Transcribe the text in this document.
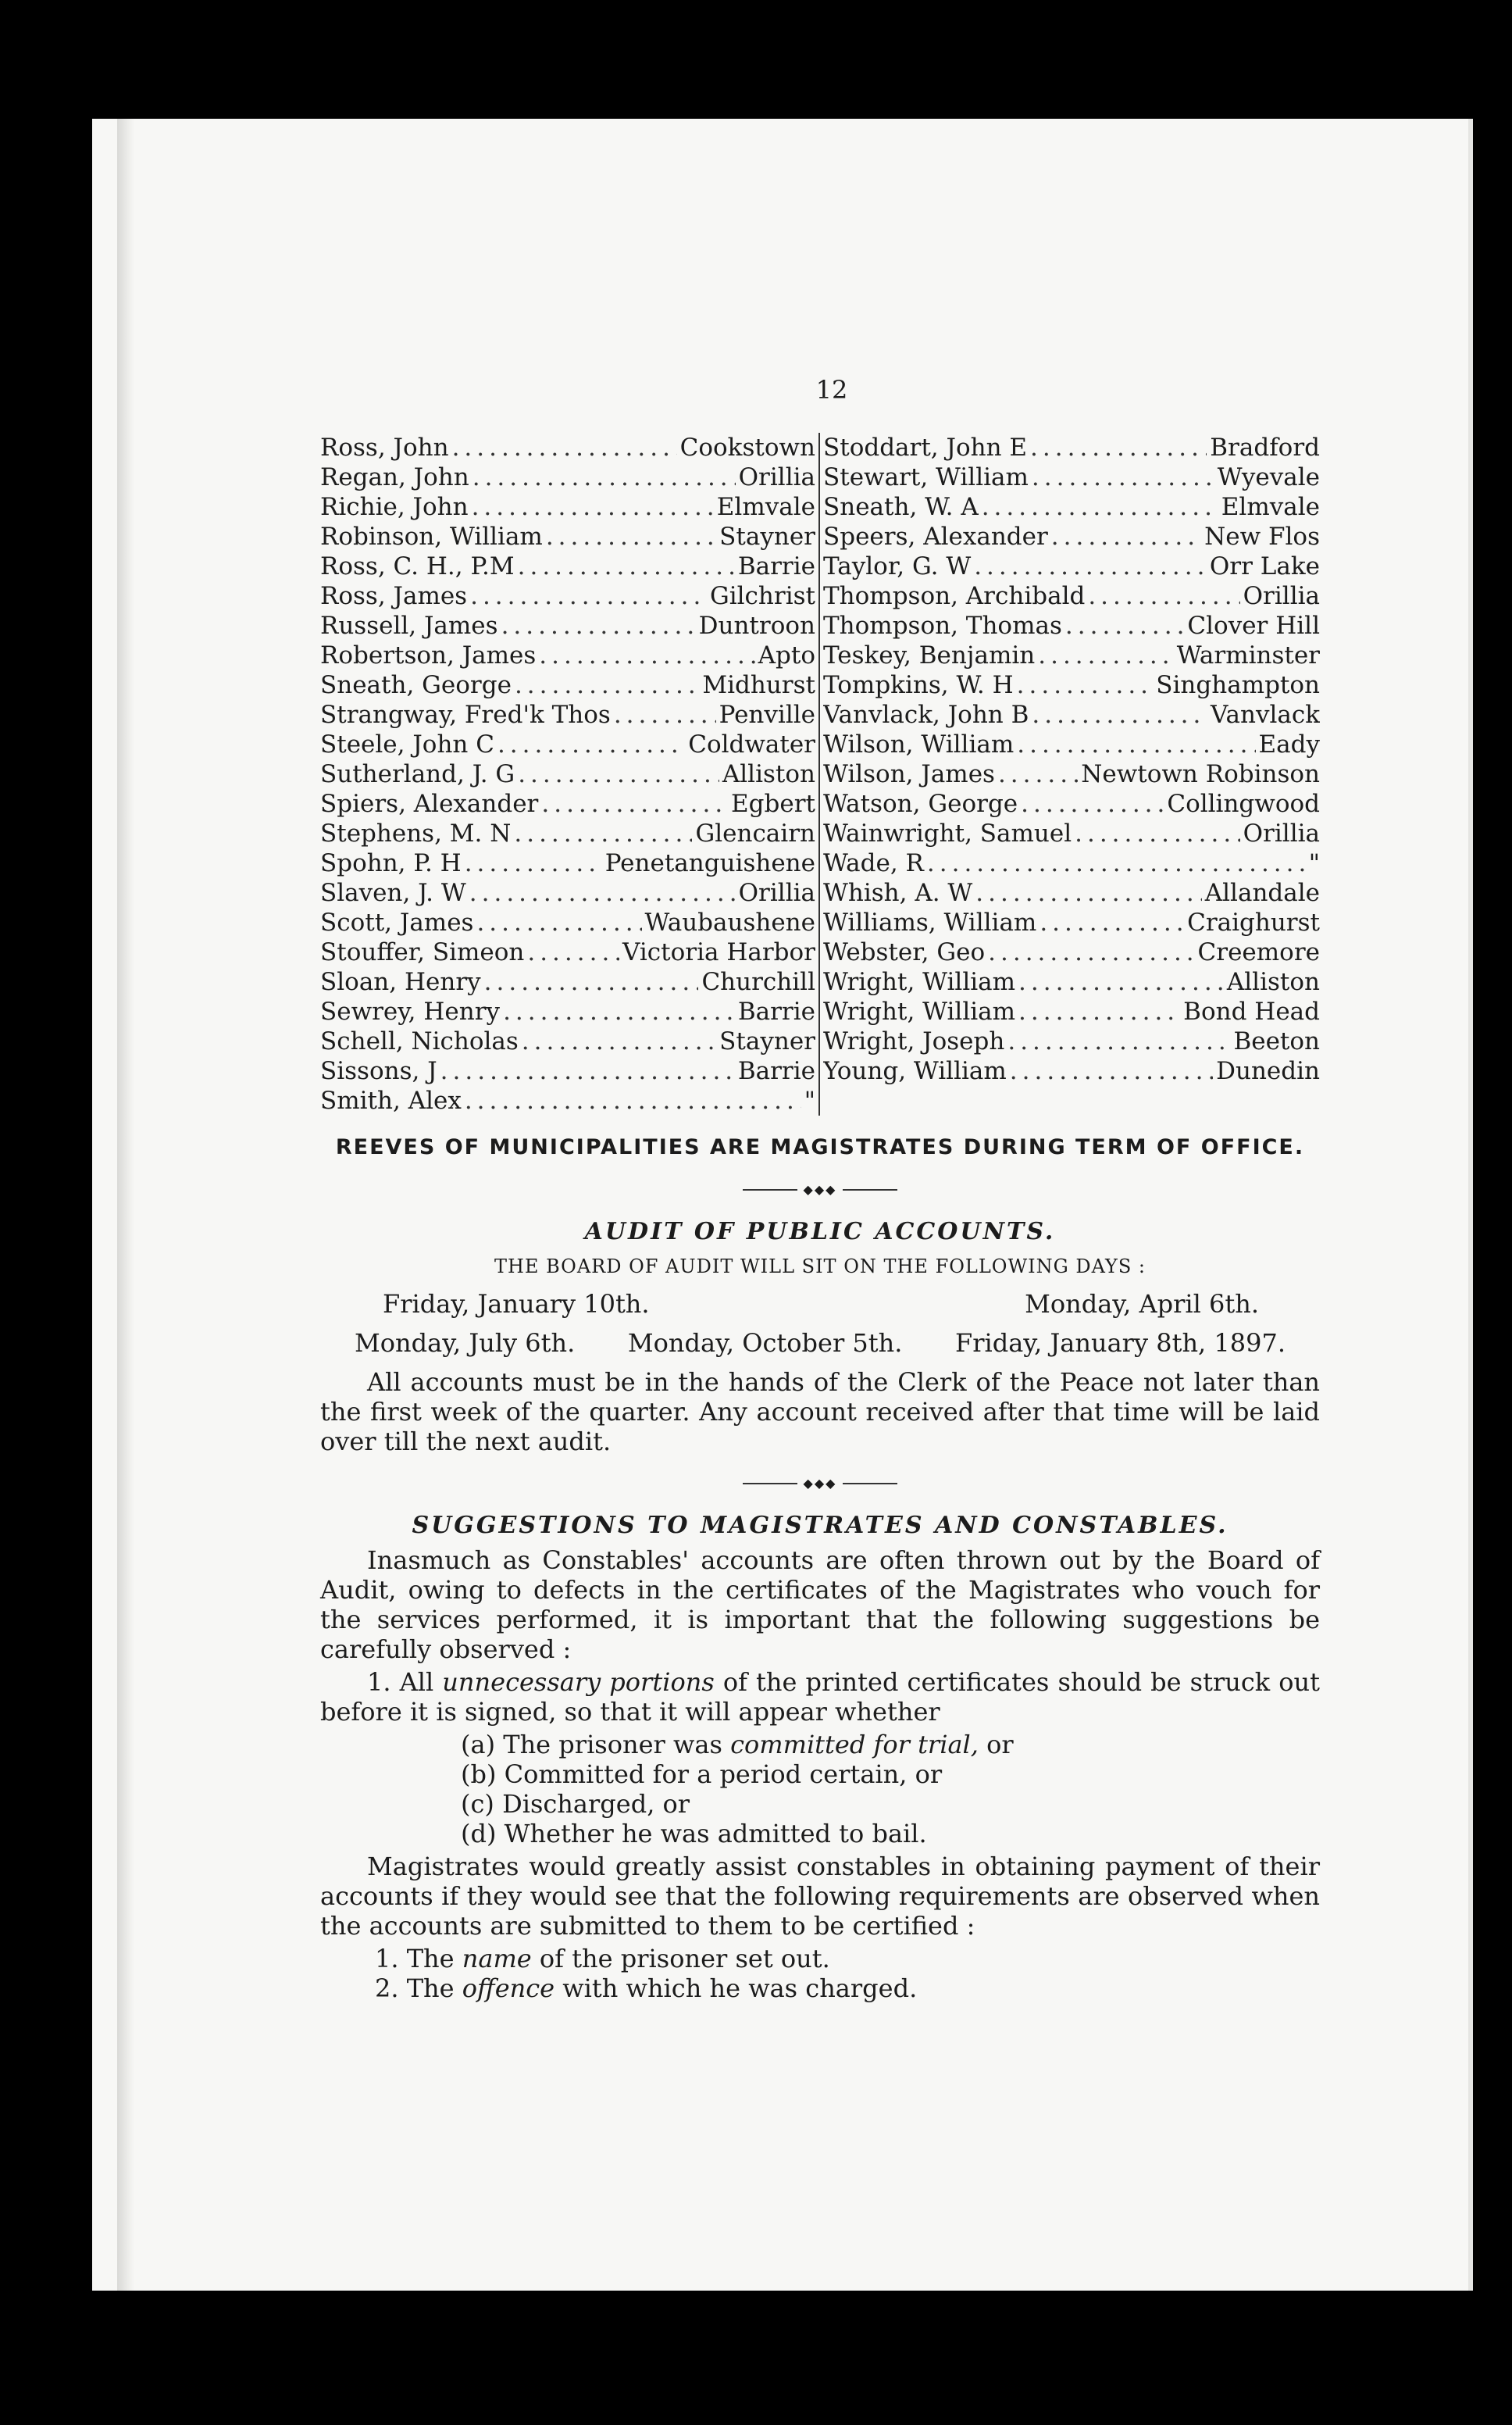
12
Ross, John .....	Cookstown
Regan, John .....	Orillia
Richie, John .....	Elmvale
Robinson, William .....	Stayner
Ross, C. H., P.M .....	Barrie
Ross, James .....	Gilchrist
Russell, James .....	Duntroon
Robertson, James .....	Apto
Sneath, George .....	Midhurst
Strangway, Fred'k Thos .....	Penville
Steele, John C .....	Coldwater
Sutherland, J. G .....	Alliston
Spiers, Alexander .....	Egbert
Stephens, M. N .....	Glencairn
Spohn, P. H .....	Penetanguishene
Slaven, J. W .....	Orillia
Scott, James .....	Waubaushene
Stouffer, Simeon .....	Victoria Harbor
Sloan, Henry .....	Churchill
Sewrey, Henry .....	Barrie
Schell, Nicholas .....	Stayner
Sissons, J .....	Barrie
Smith, Alex .....	"
Stoddart, John E .....	Bradford
Stewart, William .....	Wyevale
Sneath, W. A .....	Elmvale
Speers, Alexander .....	New Flos
Taylor, G. W .....	Orr Lake
Thompson, Archibald .....	Orillia
Thompson, Thomas .....	Clover Hill
Teskey, Benjamin .....	Warminster
Tompkins, W. H .....	Singhampton
Vanvlack, John B .....	Vanvlack
Wilson, William .....	Eady
Wilson, James .....	Newtown Robinson
Watson, George .....	Collingwood
Wainwright, Samuel .....	Orillia
Wade, R .....	"
Whish, A. W .....	Allandale
Williams, William .....	Craighurst
Webster, Geo .....	Creemore
Wright, William .....	Alliston
Wright, William .....	Bond Head
Wright, Joseph .....	Beeton
Young, William .....	Dunedin
REEVES OF MUNICIPALITIES ARE MAGISTRATES DURING TERM OF OFFICE.
◆◆◆
AUDIT OF PUBLIC ACCOUNTS.
THE BOARD OF AUDIT WILL SIT ON THE FOLLOWING DAYS :
Friday, January 10th.	Monday, April 6th.
Monday, July 6th. Monday, October 5th. Friday, January 8th, 1897.

All accounts must be in the hands of the Clerk of the Peace not later than the first week of the quarter. Any account received after that time will be laid over till the next audit.

◆◆◆
SUGGESTIONS TO MAGISTRATES AND CONSTABLES.

Inasmuch as Constables' accounts are often thrown out by the Board of Audit, owing to defects in the certificates of the Magistrates who vouch for the services performed, it is important that the following suggestions be carefully observed :

1. All unnecessary portions of the printed certificates should be struck out before it is signed, so that it will appear whether

(a) The prisoner was committed for trial, or
(b) Committed for a period certain, or
(c) Discharged, or
(d) Whether he was admitted to bail.

Magistrates would greatly assist constables in obtaining payment of their accounts if they would see that the following requirements are observed when the accounts are submitted to them to be certified :

1. The name of the prisoner set out.
2. The offence with which he was charged.
